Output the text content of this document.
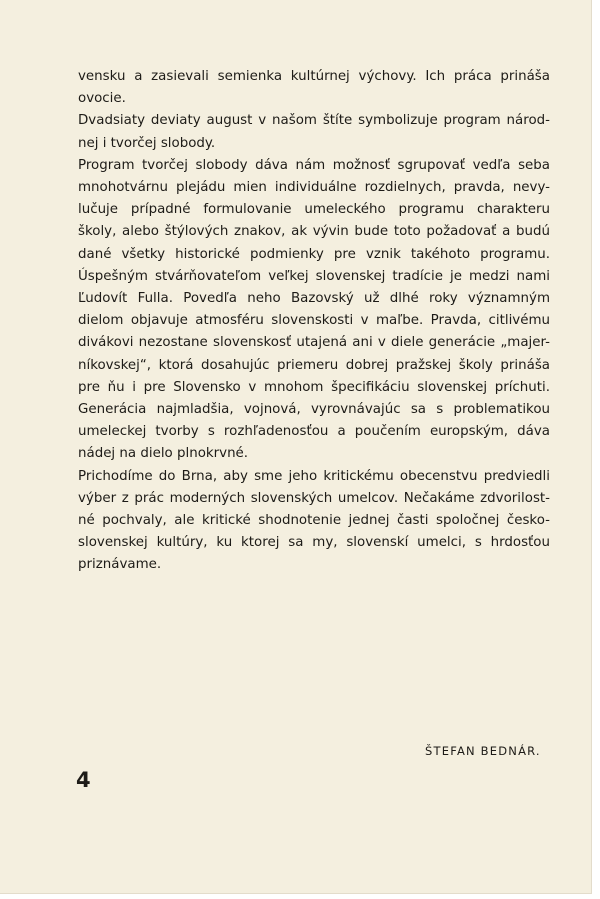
vensku a zasievali semienka kultúrnej výchovy. Ich práca prináša
ovocie.
Dvadsiaty deviaty august v našom štíte symbolizuje program národ-
nej i tvorčej slobody.
Program tvorčej slobody dáva nám možnosť sgrupovať vedľa seba
mnohotvárnu plejádu mien individuálne rozdielnych, pravda, nevy-
lučuje prípadné formulovanie umeleckého programu charakteru
školy, alebo štýlových znakov, ak vývin bude toto požadovať a budú
dané všetky historické podmienky pre vznik takéhoto programu.
Úspešným stvárňovateľom veľkej slovenskej tradície je medzi nami
Ľudovít Fulla. Povedľa neho Bazovský už dlhé roky významným
dielom objavuje atmosféru slovenskosti v maľbe. Pravda, citlivému
divákovi nezostane slovenskosť utajená ani v diele generácie „majer-
níkovskej“, ktorá dosahujúc priemeru dobrej pražskej školy prináša
pre ňu i pre Slovensko v mnohom špecifikáciu slovenskej príchuti.
Generácia najmladšia, vojnová, vyrovnávajúc sa s problematikou
umeleckej tvorby s rozhľadenosťou a poučením europským, dáva
nádej na dielo plnokrvné.
Prichodíme do Brna, aby sme jeho kritickému obecenstvu predviedli
výber z prác moderných slovenských umelcov. Nečakáme zdvorilost-
né pochvaly, ale kritické shodnotenie jednej časti spoločnej česko-
slovenskej kultúry, ku ktorej sa my, slovenskí umelci, s hrdosťou
priznávame.
ŠTEFAN BEDNÁR.
4
